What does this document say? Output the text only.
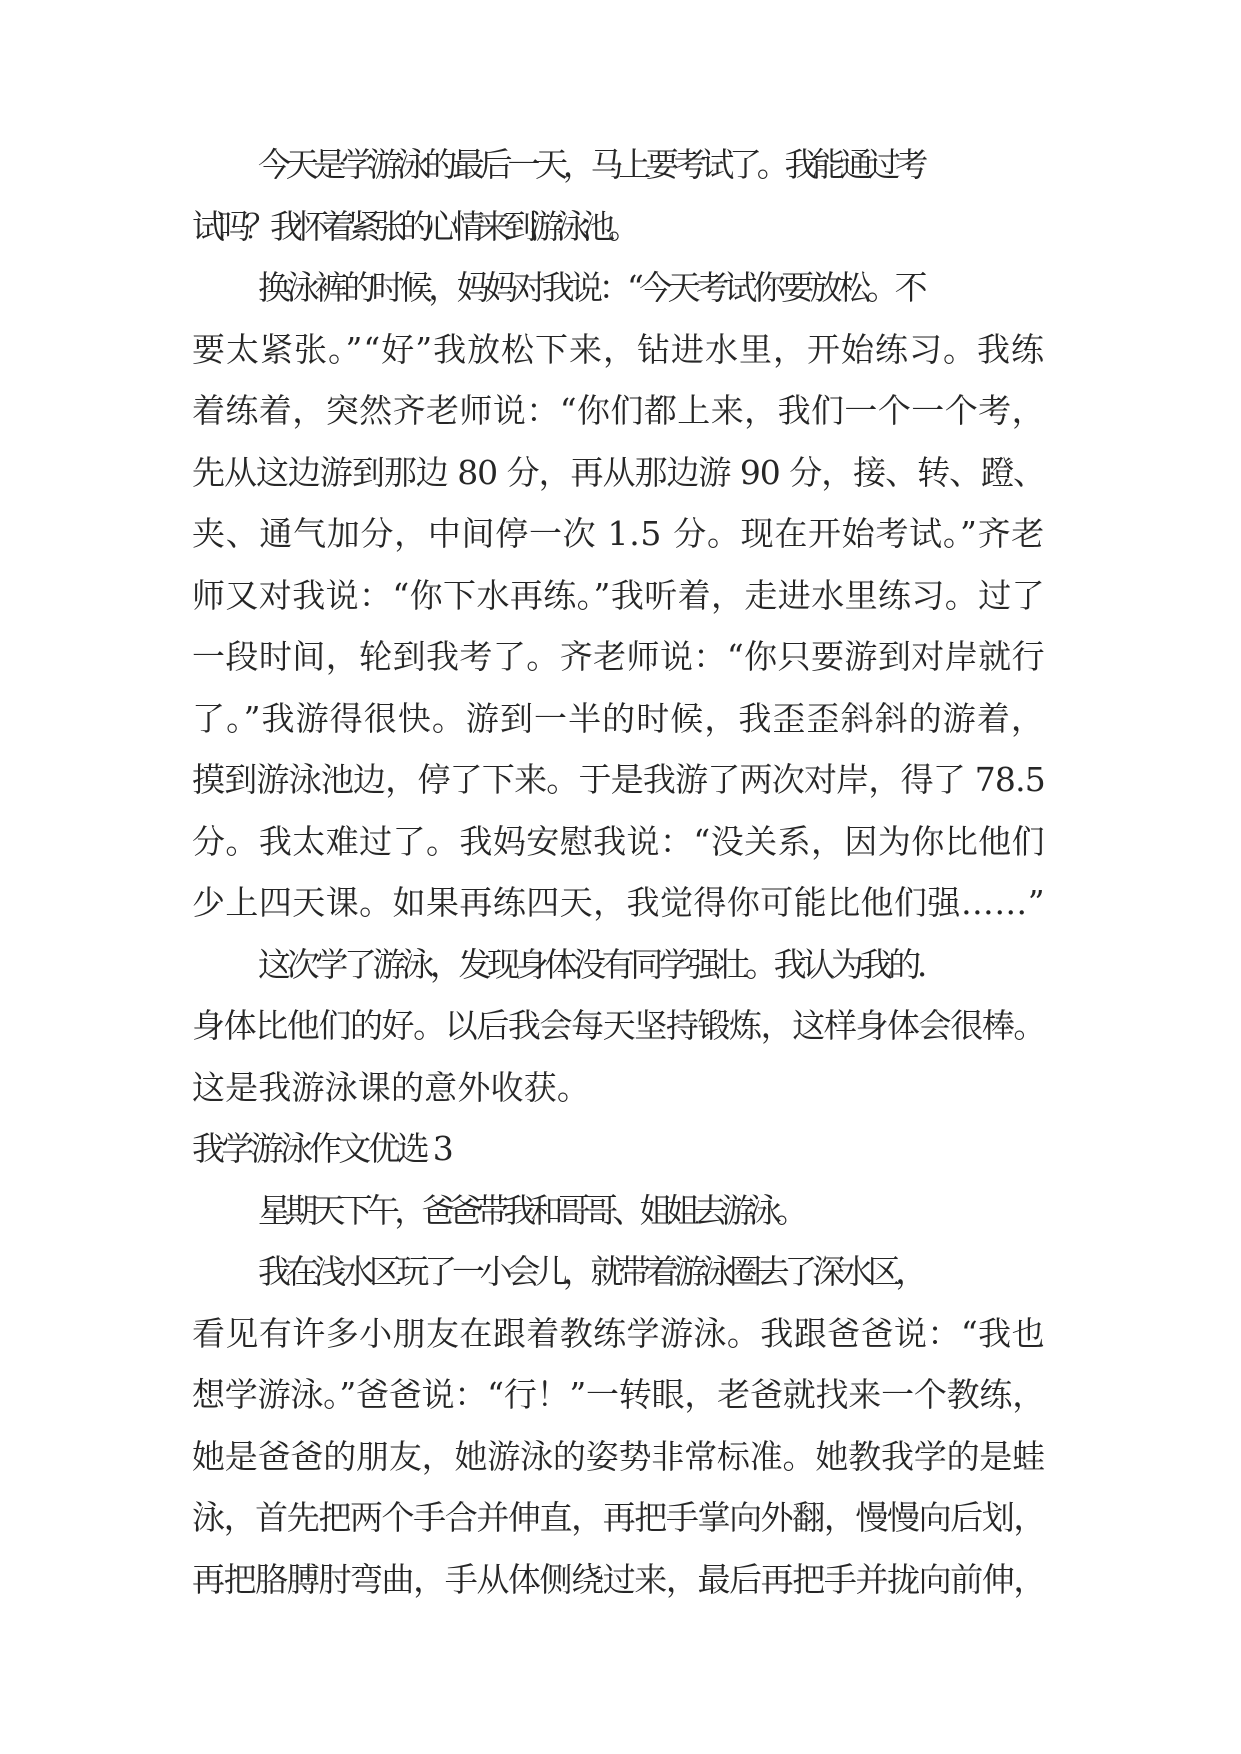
今天是学游泳的最后一天，马上要考试了。我能通过考

试吗？我怀着紧张的心情来到游泳池。

换泳裤的时候，妈妈对我说：“今天考试你要放松。不

要太紧张。”“好”我放松下来，钻进水里，开始练习。我练

着练着，突然齐老师说：“你们都上来，我们一个一个考，

先从这边游到那边 80 分，再从那边游 90 分，接、转、蹬、

夹、通气加分，中间停一次 1.5 分。现在开始考试。”齐老

师又对我说：“你下水再练。”我听着，走进水里练习。过了

一段时间，轮到我考了。齐老师说：“你只要游到对岸就行

了。”我游得很快。游到一半的时候，我歪歪斜斜的游着，

摸到游泳池边，停了下来。于是我游了两次对岸，得了 78.5

分。我太难过了。我妈安慰我说：“没关系，因为你比他们

少上四天课。如果再练四天，我觉得你可能比他们强……”

这次学了游泳，发现身体没有同学强壮。我认为我的.

身体比他们的好。以后我会每天坚持锻炼，这样身体会很棒。

这是我游泳课的意外收获。

我学游泳作文优选 3

星期天下午，爸爸带我和哥哥、姐姐去游泳。

我在浅水区玩了一小会儿，就带着游泳圈去了深水区，

看见有许多小朋友在跟着教练学游泳。我跟爸爸说：“我也

想学游泳。”爸爸说：“行！”一转眼，老爸就找来一个教练，

她是爸爸的朋友，她游泳的姿势非常标准。她教我学的是蛙

泳，首先把两个手合并伸直，再把手掌向外翻，慢慢向后划，

再把胳膊肘弯曲，手从体侧绕过来，最后再把手并拢向前伸，
